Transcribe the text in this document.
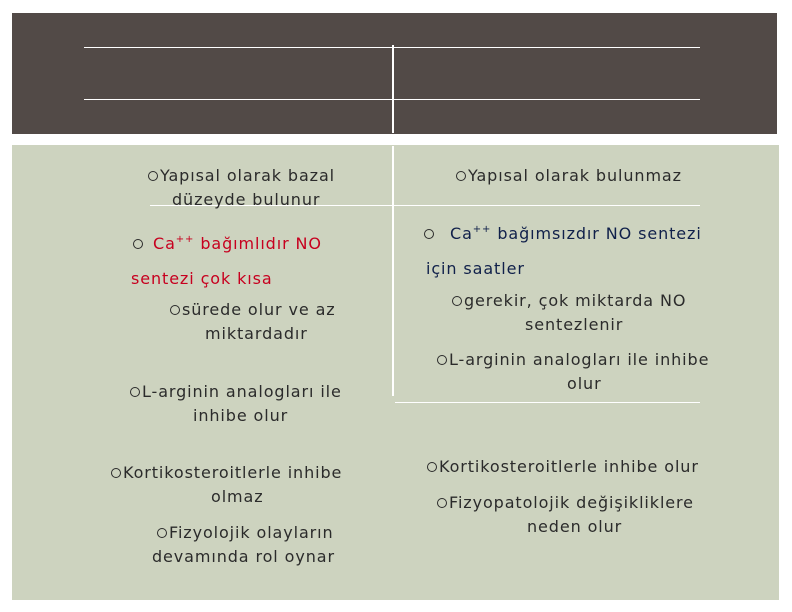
Yapısal olarak bazal
düzeyde bulunur
Ca++ bağımlıdır NO
sentezi çok kısa
sürede olur ve az
miktardadır
L-arginin analogları ile
inhibe olur
Kortikosteroitlerle inhibe
olmaz
Fizyolojik olayların
devamında rol oynar
Yapısal olarak bulunmaz
Ca++ bağımsızdır NO sentezi
için saatler
gerekir, çok miktarda NO
sentezlenir
L-arginin analogları ile inhibe
olur
Kortikosteroitlerle inhibe olur
Fizyopatolojik değişikliklere
neden olur
